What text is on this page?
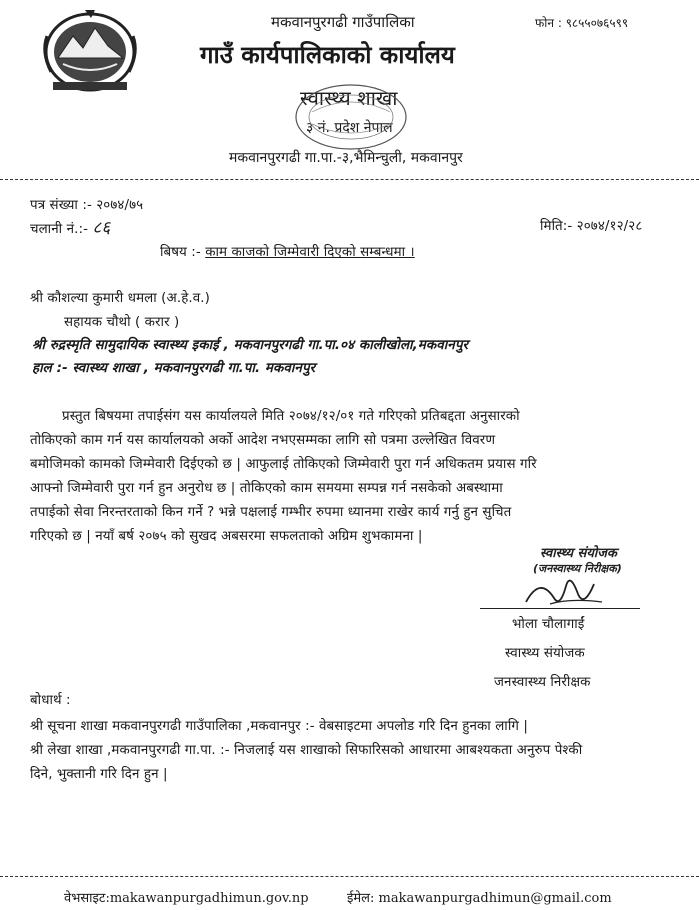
मकवानपुरगढी गाउँपालिका	फोन : ९८५५०७६५९९
गाउँ कार्यपालिकाको कार्यालय
स्वास्थ्य शाखा
३ नं. प्रदेश नेपाल
मकवानपुरगढी गा.पा.-३,भैमिन्चुली, मकवानपुर
पत्र संख्या :- २०७४/७५
चलानी नं.:- ८६	मिति:- २०७४/१२/२८
बिषय :- काम काजको जिम्मेवारी दिएको सम्बन्धमा ।
श्री कौशल्या कुमारी धमला (अ.हे.व.)
सहायक चौथो ( करार )
श्री रुद्रस्मृति सामुदायिक स्वास्थ्य इकाई , मकवानपुरगढी गा.पा.०४ कालीखोला,मकवानपुर
हाल :- स्वास्थ्य शाखा , मकवानपुरगढी गा.पा. मकवानपुर
प्रस्तुत बिषयमा तपाईसंग यस कार्यालयले मिति २०७४/१२/०१ गते गरिएको प्रतिबद्दता अनुसारको
तोकिएको काम गर्न यस कार्यालयको अर्को आदेश नभएसम्मका लागि सो पत्रमा उल्लेखित विवरण
बमोजिमको कामको जिम्मेवारी दिईएको छ | आफुलाई तोकिएको जिम्मेवारी पुरा गर्न अधिकतम प्रयास गरि
आफ्नो जिम्मेवारी पुरा गर्न हुन अनुरोध छ | तोकिएको काम समयमा सम्पन्न गर्न नसकेको अबस्थामा
तपाईको सेवा निरन्तरताको किन गर्ने ? भन्ने पक्षलाई गम्भीर रुपमा ध्यानमा राखेर कार्य गर्नु हुन सुचित
गरिएको छ | नयाँ बर्ष २०७५ को सुखद अबसरमा सफलताको अग्रिम शुभकामना |
स्वास्थ्य संयोजक
(जनस्वास्थ्य निरीक्षक)
भोला चौलागाईं
स्वास्थ्य संयोजक
जनस्वास्थ्य निरीक्षक
बोधार्थ :
श्री सूचना शाखा मकवानपुरगढी गाउँपालिका ,मकवानपुर :- वेबसाइटमा अपलोड गरि दिन हुनका लागि |
श्री लेखा शाखा ,मकवानपुरगढी गा.पा. :- निजलाई यस शाखाको सिफारिसको आधारमा आबश्यकता अनुरुप पेश्की
दिने, भुक्तानी गरि दिन हुन |
वेभसाइट:makawanpurgadhimun.gov.np	ईमेल: makawanpurgadhimun@gmail.com
